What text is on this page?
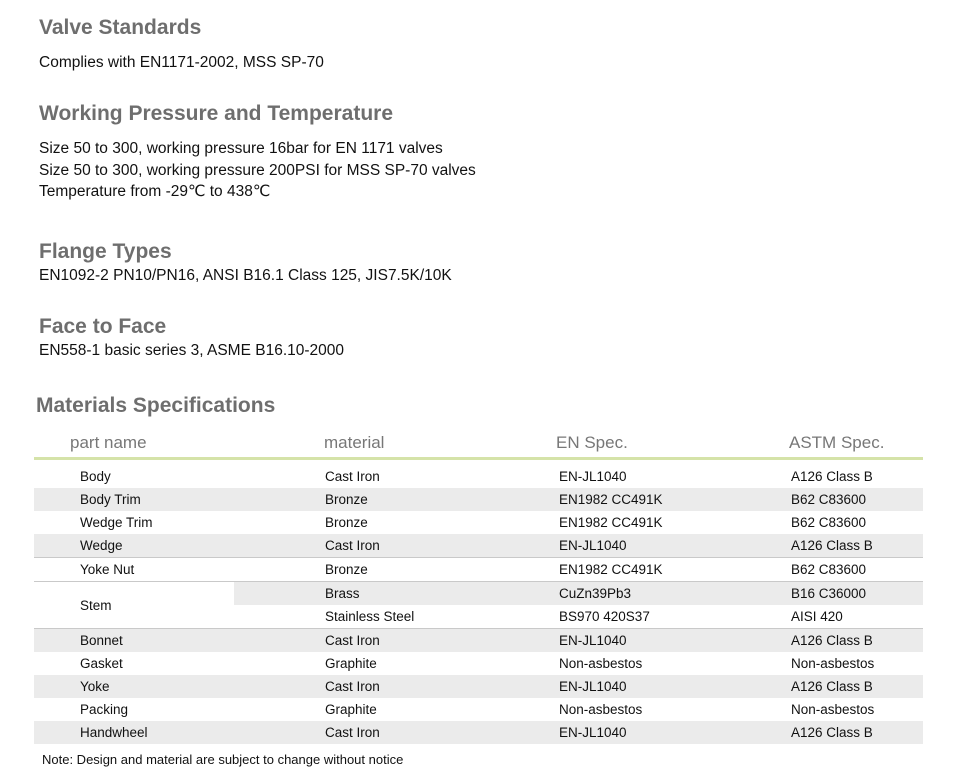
Valve Standards

Complies with EN1171-2002, MSS SP-70

Working Pressure and Temperature

Size 50 to 300, working pressure 16bar for EN 1171 valves

Size 50 to 300, working pressure 200PSI for MSS SP-70 valves

Temperature from -29℃ to 438℃

Flange Types

EN1092-2 PN10/PN16, ANSI B16.1 Class 125, JIS7.5K/10K

Face to Face

EN558-1 basic series 3, ASME B16.10-2000

Materials Specifications
part name	material	EN Spec.	ASTM Spec.

Body	Cast Iron	EN-JL1040	A126 Class B
Body Trim	Bronze	EN1982 CC491K	B62 C83600
Wedge Trim	Bronze	EN1982 CC491K	B62 C83600
Wedge	Cast Iron	EN-JL1040	A126 Class B
Yoke Nut	Bronze	EN1982 CC491K	B62 C83600
Stem	Brass	CuZn39Pb3	B16 C36000
	Stainless Steel	BS970 420S37	AISI 420
Bonnet	Cast Iron	EN-JL1040	A126 Class B
Gasket	Graphite	Non-asbestos	Non-asbestos
Yoke	Cast Iron	EN-JL1040	A126 Class B
Packing	Graphite	Non-asbestos	Non-asbestos
Handwheel	Cast Iron	EN-JL1040	A126 Class B

Note: Design and material are subject to change without notice
